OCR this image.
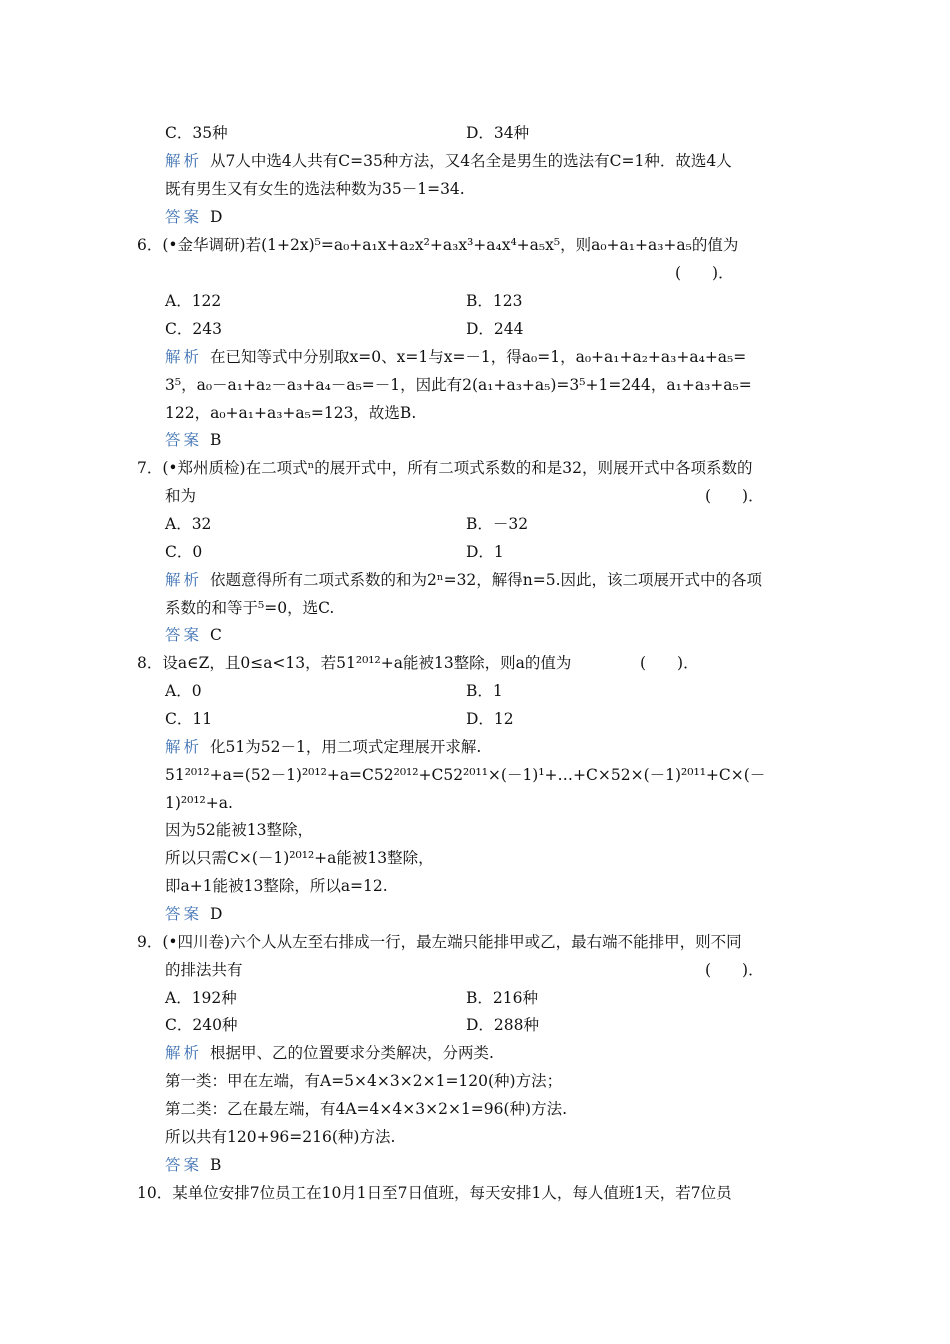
C．35种	D．34种
解析 从7人中选4人共有C=35种方法，又4名全是男生的选法有C=1种．故选4人
既有男生又有女生的选法种数为35－1=34.
答案 D
6．(•金华调研)若(1+2x)⁵=a₀+a₁x+a₂x²+a₃x³+a₄x⁴+a₅x⁵，则a₀+a₁+a₃+a₅的值为
(　　)．
A．122	B．123
C．243	D．244
解析 在已知等式中分别取x=0、x=1与x=－1，得a₀=1，a₀+a₁+a₂+a₃+a₄+a₅=
3⁵，a₀－a₁+a₂－a₃+a₄－a₅=－1，因此有2(a₁+a₃+a₅)=3⁵+1=244，a₁+a₃+a₅=
122，a₀+a₁+a₃+a₅=123，故选B.
答案 B
7．(•郑州质检)在二项式ⁿ的展开式中，所有二项式系数的和是32，则展开式中各项系数的
和为	(　　)．
A．32	B．－32
C．0	D．1
解析 依题意得所有二项式系数的和为2ⁿ=32，解得n=5.因此，该二项展开式中的各项
系数的和等于⁵=0，选C.
答案 C
8．设a∈Z，且0≤a<13，若51²⁰¹²+a能被13整除，则a的值为	(　　)．
A．0	B．1
C．11	D．12
解析 化51为52－1，用二项式定理展开求解.
51²⁰¹²+a=(52－1)²⁰¹²+a=C52²⁰¹²+C52²⁰¹¹×(－1)¹+…+C×52×(－1)²⁰¹¹+C×(－
1)²⁰¹²+a.
因为52能被13整除，
所以只需C×(－1)²⁰¹²+a能被13整除，
即a+1能被13整除，所以a=12.
答案 D
9．(•四川卷)六个人从左至右排成一行，最左端只能排甲或乙，最右端不能排甲，则不同
的排法共有	(　　)．
A．192种	B．216种
C．240种	D．288种
解析 根据甲、乙的位置要求分类解决，分两类.
第一类：甲在左端，有A=5×4×3×2×1=120(种)方法；
第二类：乙在最左端，有4A=4×4×3×2×1=96(种)方法.
所以共有120+96=216(种)方法.
答案 B
10．某单位安排7位员工在10月1日至7日值班，每天安排1人，每人值班1天，若7位员
